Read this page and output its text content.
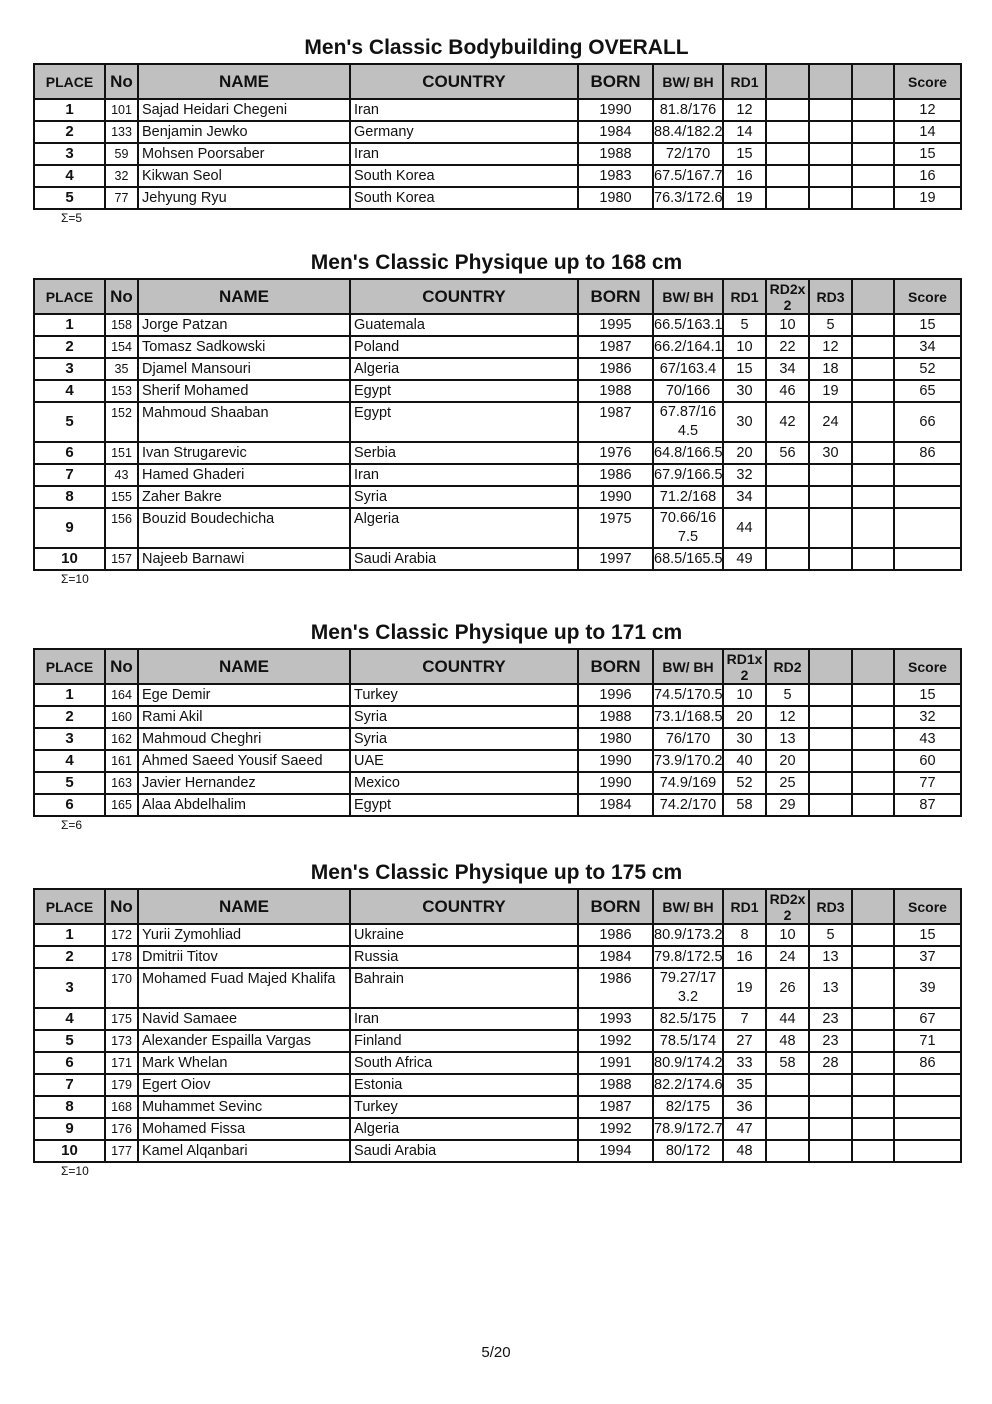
Men's Classic Bodybuilding OVERALL
PLACE	No	NAME	COUNTRY	BORN	BW/ BH	RD1				Score
1	101	Sajad Heidari Chegeni	Iran	1990	81.8/176	12				12
2	133	Benjamin Jewko	Germany	1984	88.4/182.2	14				14
3	59	Mohsen Poorsaber	Iran	1988	72/170	15				15
4	32	Kikwan Seol	South Korea	1983	67.5/167.7	16				16
5	77	Jehyung Ryu	South Korea	1980	76.3/172.6	19				19
Σ=5
Men's Classic Physique up to 168 cm
PLACE	No	NAME	COUNTRY	BORN	BW/ BH	RD1	RD2x 2	RD3		Score
1	158	Jorge Patzan	Guatemala	1995	66.5/163.1	5	10	5		15
2	154	Tomasz Sadkowski	Poland	1987	66.2/164.1	10	22	12		34
3	35	Djamel Mansouri	Algeria	1986	67/163.4	15	34	18		52
4	153	Sherif Mohamed	Egypt	1988	70/166	30	46	19		65
5	152	Mahmoud Shaaban	Egypt	1987	67.87/164.5	30	42	24		66
6	151	Ivan Strugarevic	Serbia	1976	64.8/166.5	20	56	30		86
7	43	Hamed Ghaderi	Iran	1986	67.9/166.5	32				
8	155	Zaher Bakre	Syria	1990	71.2/168	34				
9	156	Bouzid Boudechicha	Algeria	1975	70.66/167.5	44				
10	157	Najeeb Barnawi	Saudi Arabia	1997	68.5/165.5	49				
Σ=10
Men's Classic Physique up to 171 cm
PLACE	No	NAME	COUNTRY	BORN	BW/ BH	RD1x 2	RD2			Score
1	164	Ege Demir	Turkey	1996	74.5/170.5	10	5			15
2	160	Rami Akil	Syria	1988	73.1/168.5	20	12			32
3	162	Mahmoud Cheghri	Syria	1980	76/170	30	13			43
4	161	Ahmed Saeed Yousif Saeed	UAE	1990	73.9/170.2	40	20			60
5	163	Javier Hernandez	Mexico	1990	74.9/169	52	25			77
6	165	Alaa Abdelhalim	Egypt	1984	74.2/170	58	29			87
Σ=6
Men's Classic Physique up to 175 cm
PLACE	No	NAME	COUNTRY	BORN	BW/ BH	RD1	RD2x 2	RD3		Score
1	172	Yurii Zymohliad	Ukraine	1986	80.9/173.2	8	10	5		15
2	178	Dmitrii Titov	Russia	1984	79.8/172.5	16	24	13		37
3	170	Mohamed Fuad Majed Khalifa	Bahrain	1986	79.27/173.2	19	26	13		39
4	175	Navid Samaee	Iran	1993	82.5/175	7	44	23		67
5	173	Alexander Espailla Vargas	Finland	1992	78.5/174	27	48	23		71
6	171	Mark Whelan	South Africa	1991	80.9/174.2	33	58	28		86
7	179	Egert Oiov	Estonia	1988	82.2/174.6	35				
8	168	Muhammet Sevinc	Turkey	1987	82/175	36				
9	176	Mohamed Fissa	Algeria	1992	78.9/172.7	47				
10	177	Kamel Alqanbari	Saudi Arabia	1994	80/172	48				
Σ=10
5/20
